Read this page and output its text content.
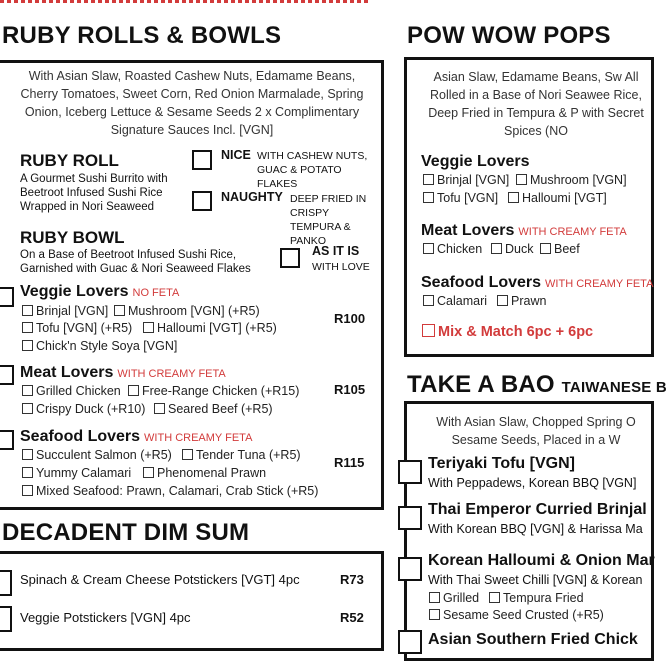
RUBY ROLLS & BOWLS
With Asian Slaw, Roasted Cashew Nuts, Edamame Beans, Cherry Tomatoes, Sweet Corn, Red Onion Marmalade, Spring Onion, Iceberg Lettuce & Sesame Seeds 2 x Complimentary Signature Sauces Incl. [VGN]
RUBY ROLL
A Gourmet Sushi Burrito with Beetroot Infused Sushi Rice Wrapped in Nori Seaweed
NICE WITH CASHEW NUTS, GUAC & POTATO FLAKES
NAUGHTY DEEP FRIED IN CRISPY TEMPURA & PANKO
RUBY BOWL
On a Base of Beetroot Infused Sushi Rice, Garnished with Guac & Nori Seaweed Flakes
AS IT IS
WITH LOVE
Veggie Lovers NO FETA
Brinjal [VGN]	Mushroom [VGN] (+R5)
Tofu [VGN] (+R5)	Halloumi [VGT] (+R5)
Chick'n Style Soya [VGN]
R100
Meat Lovers WITH CREAMY FETA
Grilled Chicken	Free-Range Chicken (+R15)
Crispy Duck (+R10)	Seared Beef (+R5)
R105
Seafood Lovers WITH CREAMY FETA
Succulent Salmon (+R5)	Tender Tuna (+R5)
Yummy Calamari	Phenomenal Prawn
Mixed Seafood: Prawn, Calamari, Crab Stick (+R5)
R115
DECADENT DIM SUM
Spinach & Cream Cheese Potstickers [VGT] 4pc	R73
Veggie Potstickers [VGN] 4pc	R52
POW WOW POPS
Asian Slaw, Edamame Beans, Sw All Rolled in a Base of Nori Seawee Rice, Deep Fried in Tempura & P with Secret Spices (NO
Veggie Lovers
Brinjal [VGN]	Mushroom [VGN]
Tofu [VGN]	Halloumi [VGT]
Meat Lovers WITH CREAMY FETA
Chicken	Duck	Beef
Seafood Lovers WITH CREAMY FETA
Calamari	Prawn
Mix & Match 6pc + 6pc
TAKE A BAO TAIWANESE B
With Asian Slaw, Chopped Spring O Sesame Seeds, Placed in a W
Teriyaki Tofu [VGN]
With Peppadews, Korean BBQ [VGN]
Thai Emperor Curried Brinjal
With Korean BBQ [VGN] & Harissa Ma
Korean Halloumi & Onion Mar
With Thai Sweet Chilli [VGN] & Korean
Grilled	Tempura Fried
Sesame Seed Crusted (+R5)
Asian Southern Fried Chick
